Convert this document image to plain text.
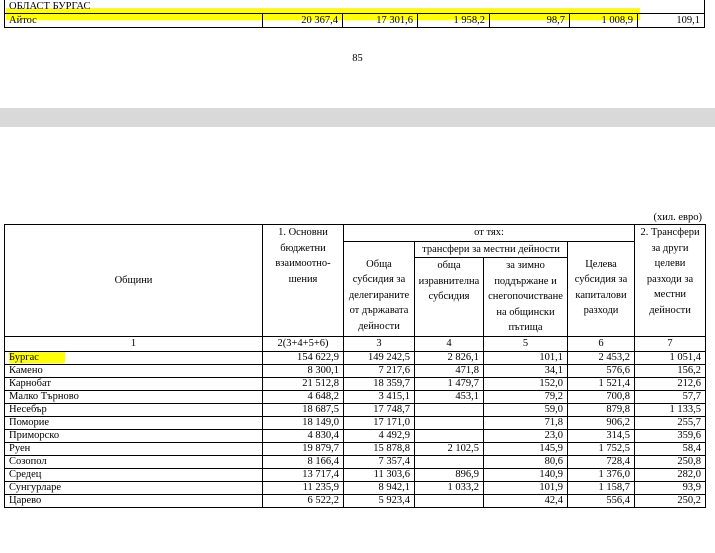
ОБЛАСТ БУРГАС
Айтос	20 367,4	17 301,6	1 958,2	98,7	1 008,9	109,1
85
(хил. евро)
Общини	1. Основни бюджетни взаимоотно-шения	от тях:				2. Трансфери за други целеви разходи за местни дейности
		Обща субсидия за делегираните от държавата дейности	трансфери за местни дейности		Целева субсидия за капиталови разходи	
			обща изравнителна субсидия	за зимно поддържане и снегопочистване на общински пътища		
1	2(3+4+5+6)	3	4	5	6	7
Бургас	154 622,9	149 242,5	2 826,1	101,1	2 453,2	1 051,4
Камено	8 300,1	7 217,6	471,8	34,1	576,6	156,2
Карнобат	21 512,8	18 359,7	1 479,7	152,0	1 521,4	212,6
Малко Търново	4 648,2	3 415,1	453,1	79,2	700,8	57,7
Несебър	18 687,5	17 748,7		59,0	879,8	1 133,5
Поморие	18 149,0	17 171,0		71,8	906,2	255,7
Приморско	4 830,4	4 492,9		23,0	314,5	359,6
Руен	19 879,7	15 878,8	2 102,5	145,9	1 752,5	58,4
Созопол	8 166,4	7 357,4		80,6	728,4	250,8
Средец	13 717,4	11 303,6	896,9	140,9	1 376,0	282,0
Сунгурларе	11 235,9	8 942,1	1 033,2	101,9	1 158,7	93,9
Царево	6 522,2	5 923,4		42,4	556,4	250,2
